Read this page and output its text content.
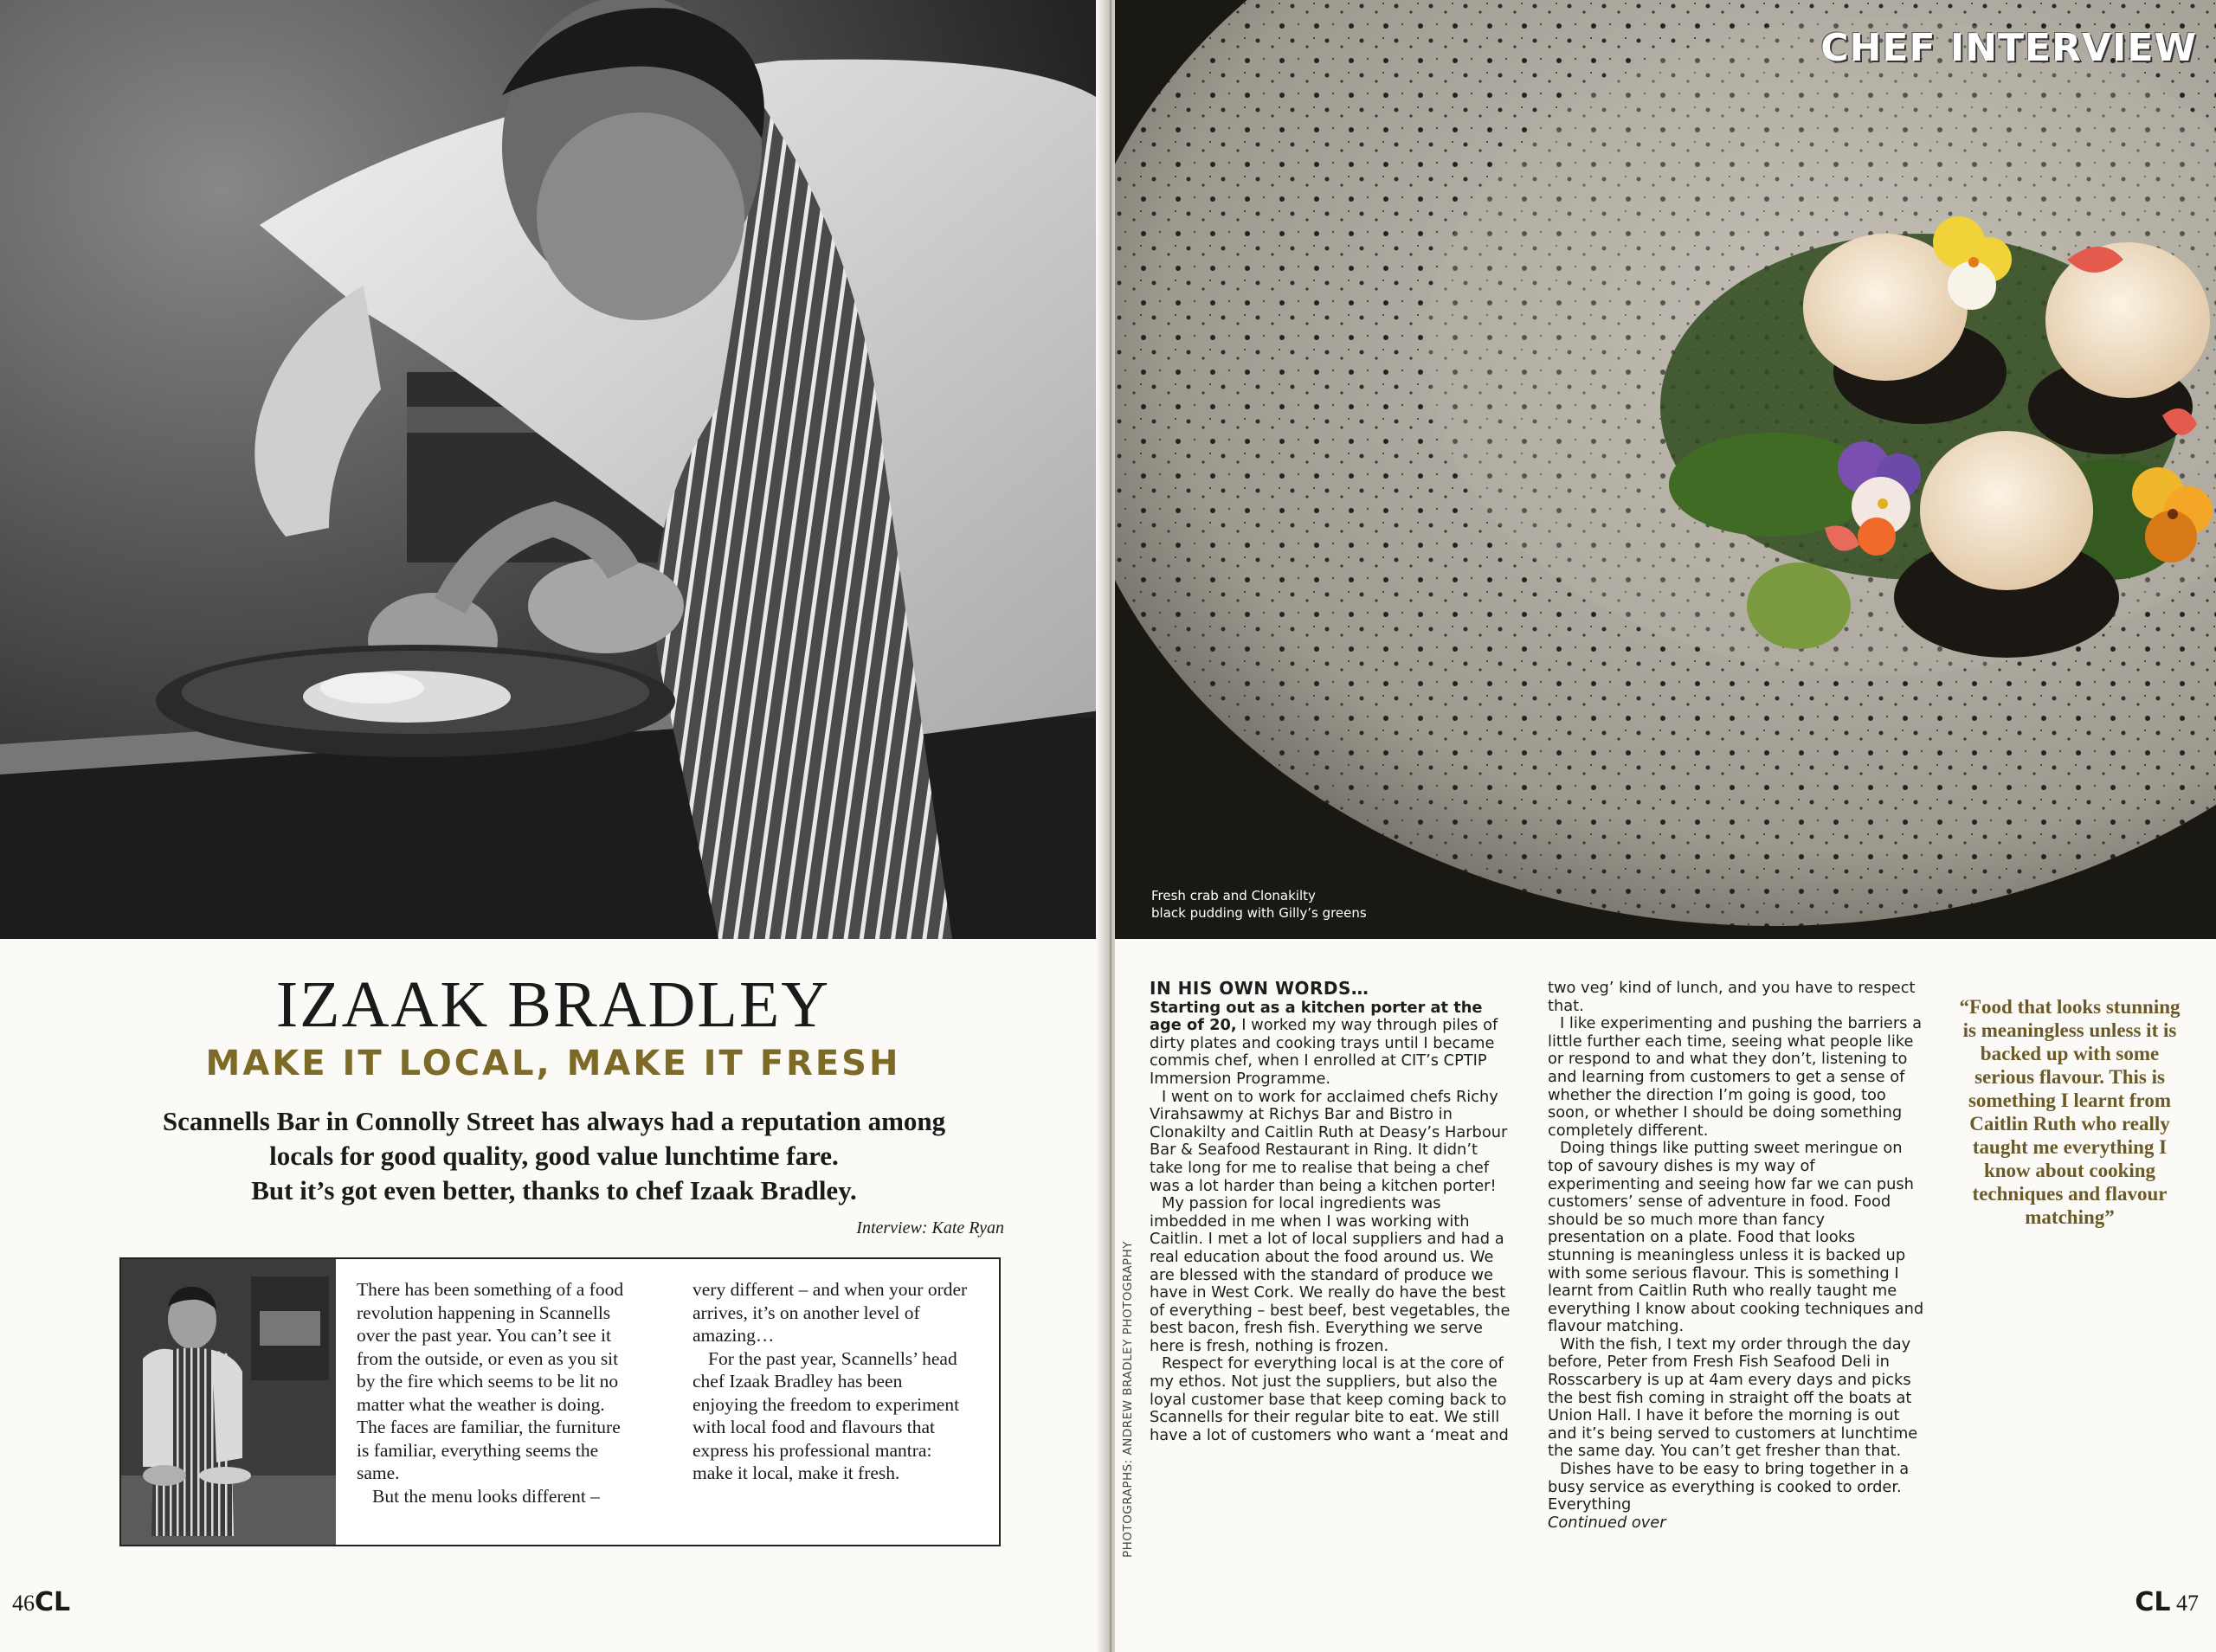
IZAAK BRADLEY
MAKE IT LOCAL, MAKE IT FRESH

Scannells Bar in Connolly Street has always had a reputation among

locals for good quality, good value lunchtime fare.

But it’s got even better, thanks to chef Izaak Bradley.

Interview: Kate Ryan

There has been something of a food revolution happening in Scannells over the past year. You can’t see it from the outside, or even as you sit by the fire which seems to be lit no matter what the weather is doing. The faces are familiar, the furniture is familiar, everything seems the same.

But the menu looks different –

very different – and when your order arrives, it’s on another level of amazing…

For the past year, Scannells’ head chef Izaak Bradley has been enjoying the freedom to experiment with local food and flavours that express his professional mantra: make it local, make it fresh.

46CL
CHEF INTERVIEW
Fresh crab and Clonakilty
black pudding with Gilly’s greens
IN HIS OWN WORDS…

Starting out as a kitchen porter at the age of 20, I worked my way through piles of dirty plates and cooking trays until I became commis chef, when I enrolled at CIT’s CPTIP Immersion Programme.

I went on to work for acclaimed chefs Richy Virahsawmy at Richys Bar and Bistro in Clonakilty and Caitlin Ruth at Deasy’s Harbour Bar & Seafood Restaurant in Ring. It didn’t take long for me to realise that being a chef was a lot harder than being a kitchen porter!

My passion for local ingredients was imbedded in me when I was working with Caitlin. I met a lot of local suppliers and had a real education about the food around us. We are blessed with the standard of produce we have in West Cork. We really do have the best of everything – best beef, best vegetables, the best bacon, fresh fish. Everything we serve here is fresh, nothing is frozen.

Respect for everything local is at the core of my ethos. Not just the suppliers, but also the loyal customer base that keep coming back to Scannells for their regular bite to eat. We still have a lot of customers who want a ‘meat and

two veg’ kind of lunch, and you have to respect that.

I like experimenting and pushing the barriers a little further each time, seeing what people like or respond to and what they don’t, listening to and learning from customers to get a sense of whether the direction I’m going is good, too soon, or whether I should be doing something completely different.

Doing things like putting sweet meringue on top of savoury dishes is my way of experimenting and seeing how far we can push customers’ sense of adventure in food. Food should be so much more than fancy presentation on a plate. Food that looks stunning is meaningless unless it is backed up with some serious flavour. This is something I learnt from Caitlin Ruth who really taught me everything I know about cooking techniques and flavour matching.

With the fish, I text my order through the day before, Peter from Fresh Fish Seafood Deli in Rosscarbery is up at 4am every days and picks the best fish coming in straight off the boats at Union Hall. I have it before the morning is out and it’s being served to customers at lunchtime the same day. You can’t get fresher than that.

Dishes have to be easy to bring together in a busy service as everything is cooked to order. Everything

Continued over

“Food that looks stunning is meaningless unless it is backed up with some serious flavour. This is something I learnt from Caitlin Ruth who really taught me everything I know about cooking techniques and flavour matching”
CL 47
PHOTOGRAPHS: ANDREW BRADLEY PHOTOGRAPHY
